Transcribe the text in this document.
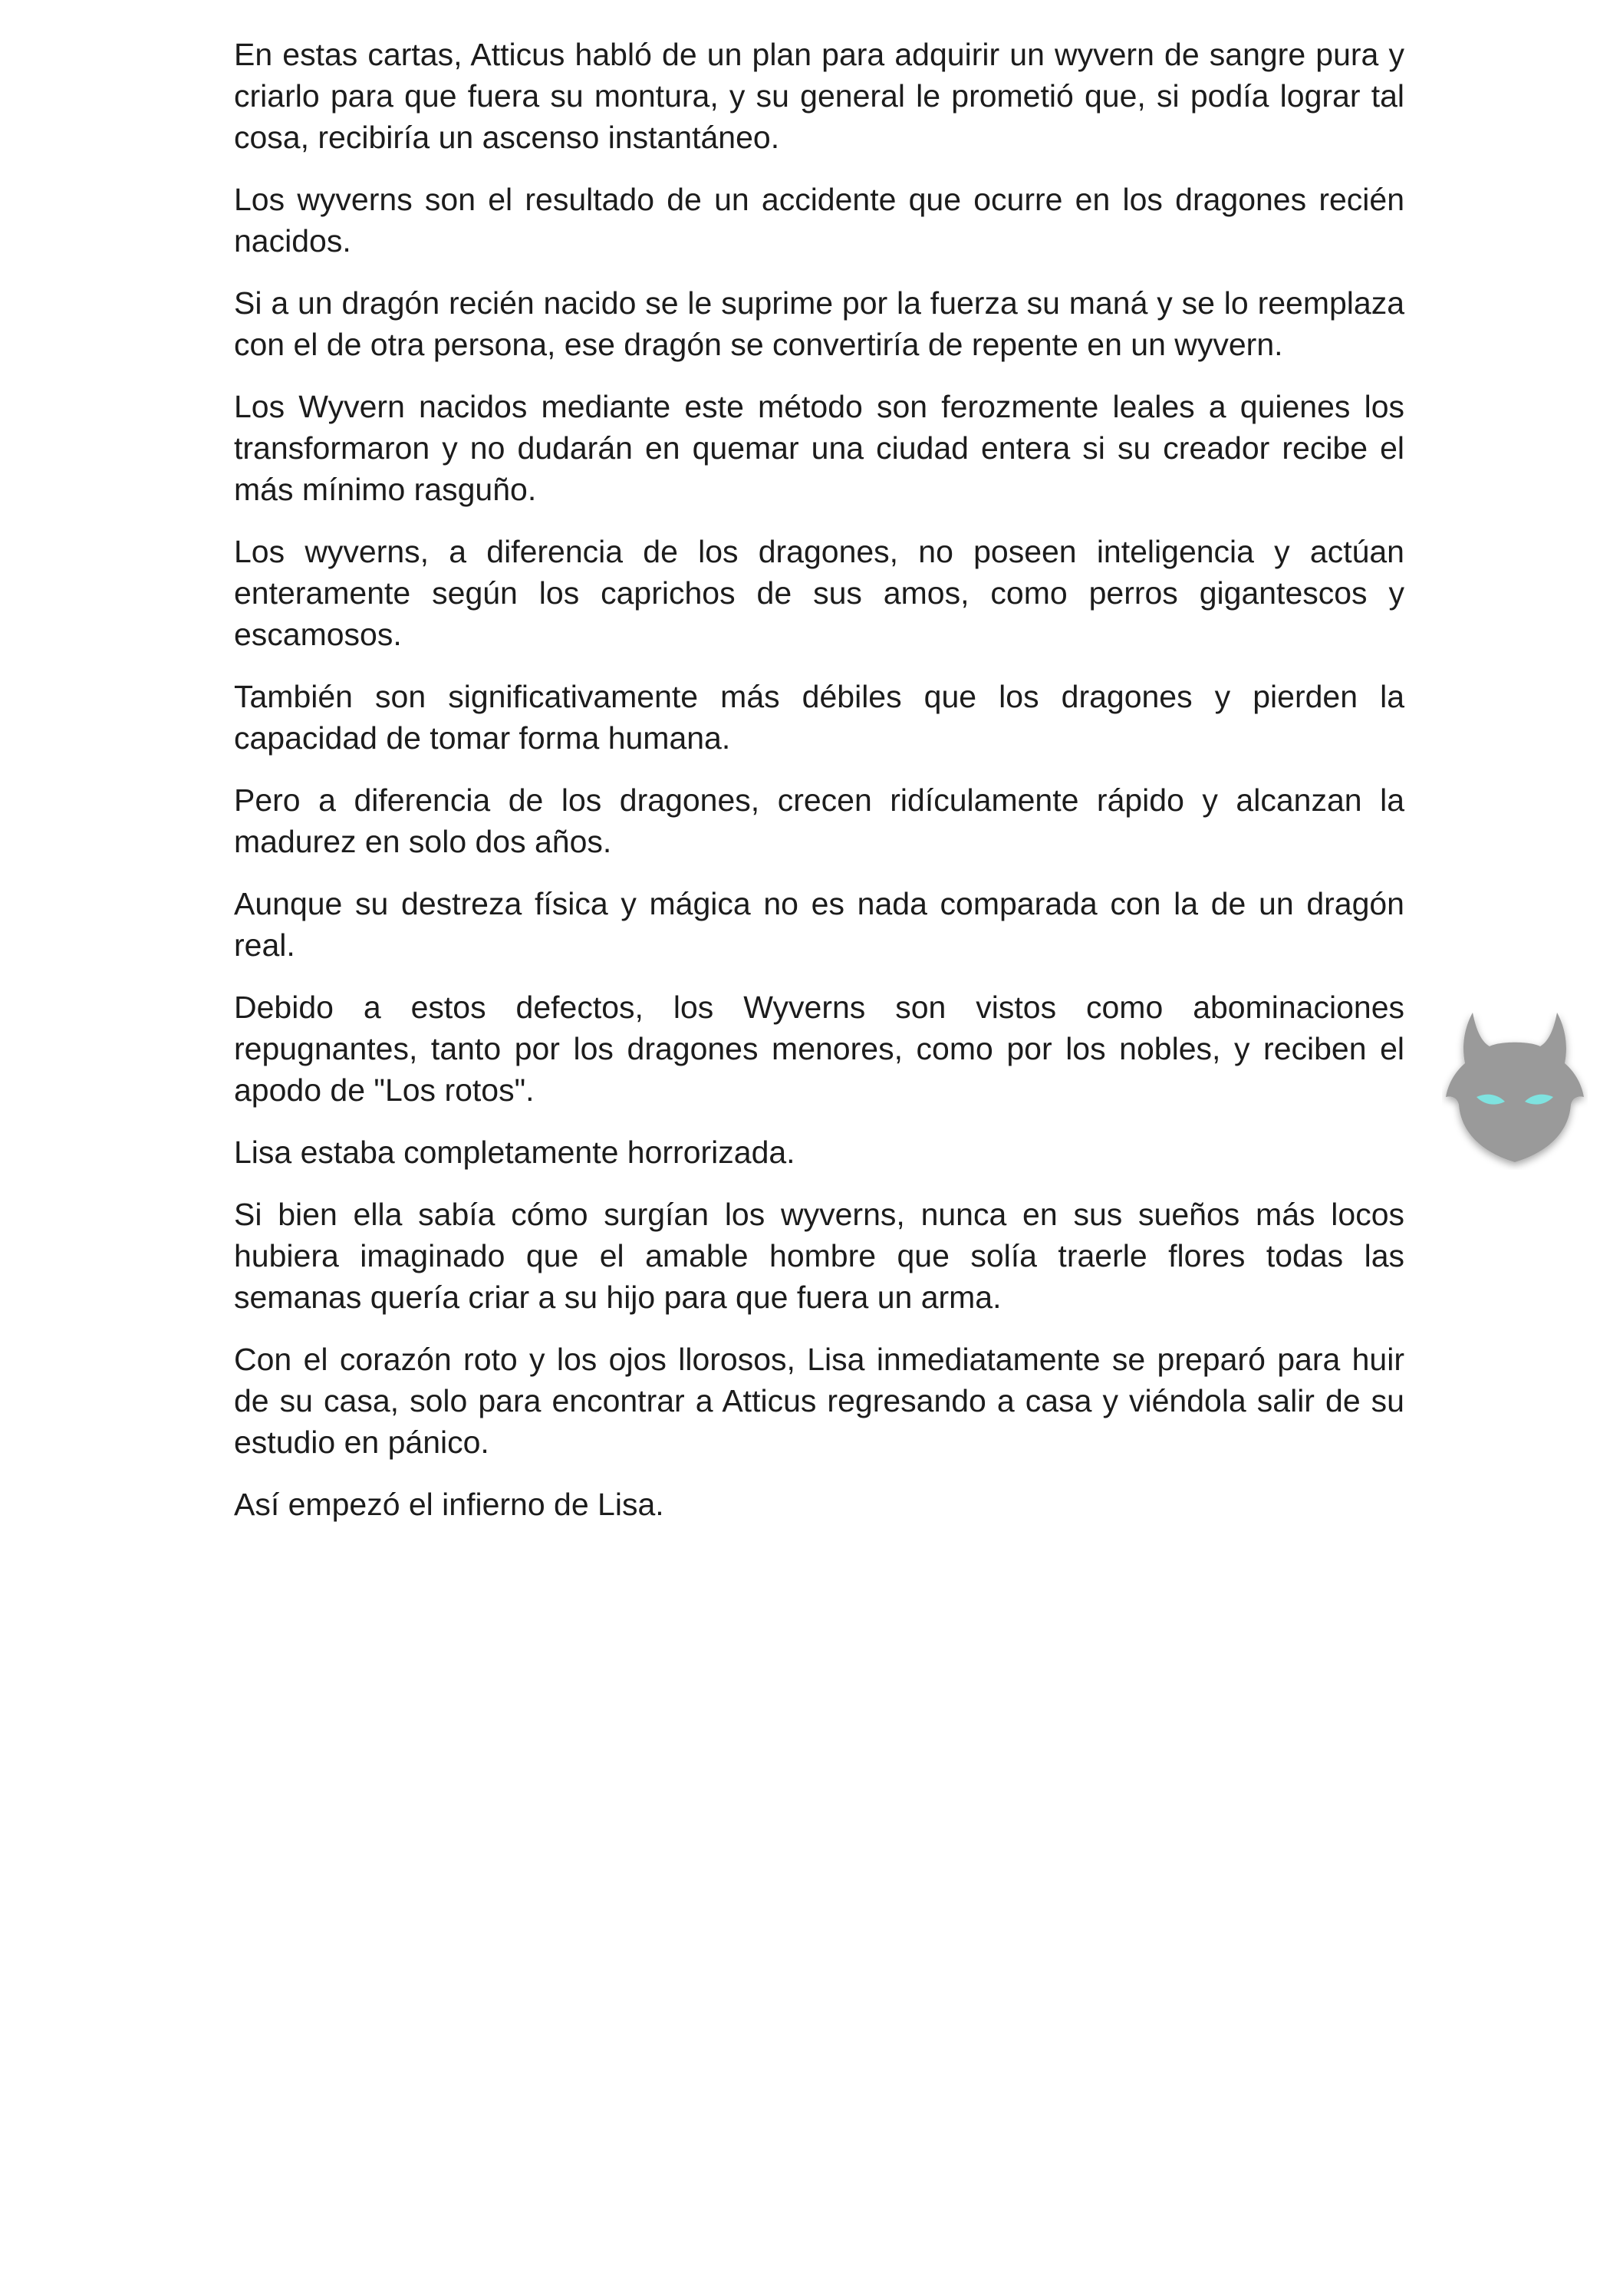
En estas cartas, Atticus habló de un plan para adquirir un wyvern de sangre pura y criarlo para que fuera su montura, y su general le prometió que, si podía lograr tal cosa, recibiría un ascenso instantáneo.

Los wyverns son el resultado de un accidente que ocurre en los dragones recién nacidos.

Si a un dragón recién nacido se le suprime por la fuerza su maná y se lo reemplaza con el de otra persona, ese dragón se convertiría de repente en un wyvern.

Los Wyvern nacidos mediante este método son ferozmente leales a quienes los transformaron y no dudarán en quemar una ciudad entera si su creador recibe el más mínimo rasguño.

Los wyverns, a diferencia de los dragones, no poseen inteligencia y actúan enteramente según los caprichos de sus amos, como perros gigantescos y escamosos.

También son significativamente más débiles que los dragones y pierden la capacidad de tomar forma humana.

Pero a diferencia de los dragones, crecen ridículamente rápido y alcanzan la madurez en solo dos años.

Aunque su destreza física y mágica no es nada comparada con la de un dragón real.

Debido a estos defectos, los Wyverns son vistos como abominaciones repugnantes, tanto por los dragones menores, como por los nobles, y reciben el apodo de "Los rotos".

Lisa estaba completamente horrorizada.

Si bien ella sabía cómo surgían los wyverns, nunca en sus sueños más locos hubiera imaginado que el amable hombre que solía traerle flores todas las semanas quería criar a su hijo para que fuera un arma.

Con el corazón roto y los ojos llorosos, Lisa inmediatamente se preparó para huir de su casa, solo para encontrar a Atticus regresando a casa y viéndola salir de su estudio en pánico.

Así empezó el infierno de Lisa.
